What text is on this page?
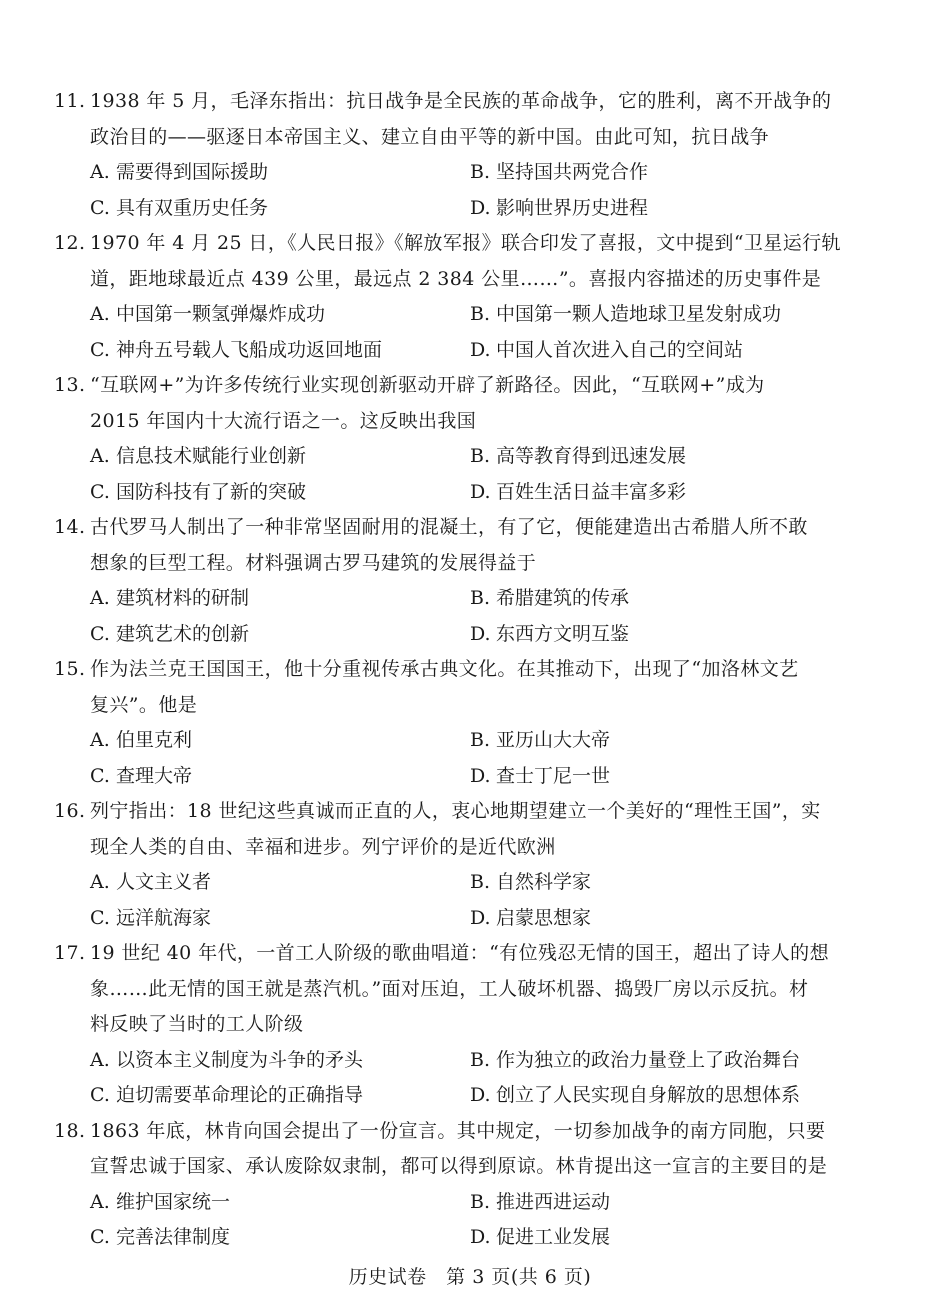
11. 1938 年 5 月，毛泽东指出：抗日战争是全民族的革命战争，它的胜利，离不开战争的
政治目的——驱逐日本帝国主义、建立自由平等的新中国。由此可知，抗日战争
A. 需要得到国际援助	B. 坚持国共两党合作
C. 具有双重历史任务	D. 影响世界历史进程
12. 1970 年 4 月 25 日，《人民日报》《解放军报》联合印发了喜报，文中提到“卫星运行轨
道，距地球最近点 439 公里，最远点 2 384 公里……”。喜报内容描述的历史事件是
A. 中国第一颗氢弹爆炸成功	B. 中国第一颗人造地球卫星发射成功
C. 神舟五号载人飞船成功返回地面	D. 中国人首次进入自己的空间站
13. “互联网+”为许多传统行业实现创新驱动开辟了新路径。因此，“互联网+”成为
2015 年国内十大流行语之一。这反映出我国
A. 信息技术赋能行业创新	B. 高等教育得到迅速发展
C. 国防科技有了新的突破	D. 百姓生活日益丰富多彩
14. 古代罗马人制出了一种非常坚固耐用的混凝土，有了它，便能建造出古希腊人所不敢
想象的巨型工程。材料强调古罗马建筑的发展得益于
A. 建筑材料的研制	B. 希腊建筑的传承
C. 建筑艺术的创新	D. 东西方文明互鉴
15. 作为法兰克王国国王，他十分重视传承古典文化。在其推动下，出现了“加洛林文艺
复兴”。他是
A. 伯里克利	B. 亚历山大大帝
C. 查理大帝	D. 查士丁尼一世
16. 列宁指出：18 世纪这些真诚而正直的人，衷心地期望建立一个美好的“理性王国”，实
现全人类的自由、幸福和进步。列宁评价的是近代欧洲
A. 人文主义者	B. 自然科学家
C. 远洋航海家	D. 启蒙思想家
17. 19 世纪 40 年代，一首工人阶级的歌曲唱道：“有位残忍无情的国王，超出了诗人的想
象……此无情的国王就是蒸汽机。”面对压迫，工人破坏机器、捣毁厂房以示反抗。材
料反映了当时的工人阶级
A. 以资本主义制度为斗争的矛头	B. 作为独立的政治力量登上了政治舞台
C. 迫切需要革命理论的正确指导	D. 创立了人民实现自身解放的思想体系
18. 1863 年底，林肯向国会提出了一份宣言。其中规定，一切参加战争的南方同胞，只要
宣誓忠诚于国家、承认废除奴隶制，都可以得到原谅。林肯提出这一宣言的主要目的是
A. 维护国家统一	B. 推进西进运动
C. 完善法律制度	D. 促进工业发展
历史试卷　第 3 页(共 6 页)
